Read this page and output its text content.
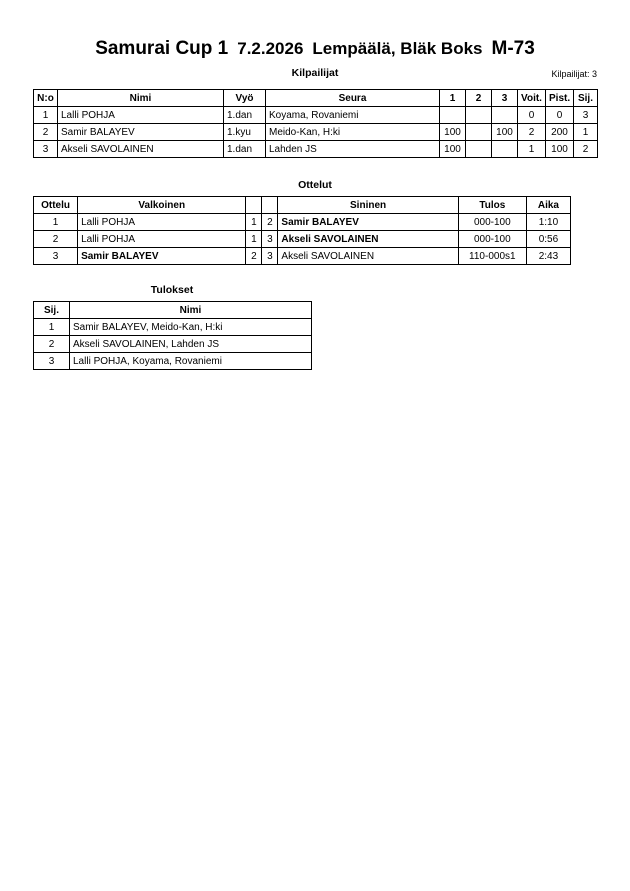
Samurai Cup 1 7.2.2026 Lempäälä, Bläk Boks M-73
Kilpailijat	Kilpailijat: 3
N:o	Nimi	Vyö	Seura	1	2	3	Voit.	Pist.	Sij.
1	Lalli POHJA	1.dan	Koyama, Rovaniemi				0	0	3
2	Samir BALAYEV	1.kyu	Meido-Kan, H:ki	100		100	2	200	1
3	Akseli SAVOLAINEN	1.dan	Lahden JS	100			1	100	2
Ottelut
Ottelu	Valkoinen			Sininen	Tulos	Aika
1	Lalli POHJA	1	2	Samir BALAYEV	000-100	1:10
2	Lalli POHJA	1	3	Akseli SAVOLAINEN	000-100	0:56
3	Samir BALAYEV	2	3	Akseli SAVOLAINEN	110-000s1	2:43
Tulokset
Sij.	Nimi
1	Samir BALAYEV, Meido-Kan, H:ki
2	Akseli SAVOLAINEN, Lahden JS
3	Lalli POHJA, Koyama, Rovaniemi
